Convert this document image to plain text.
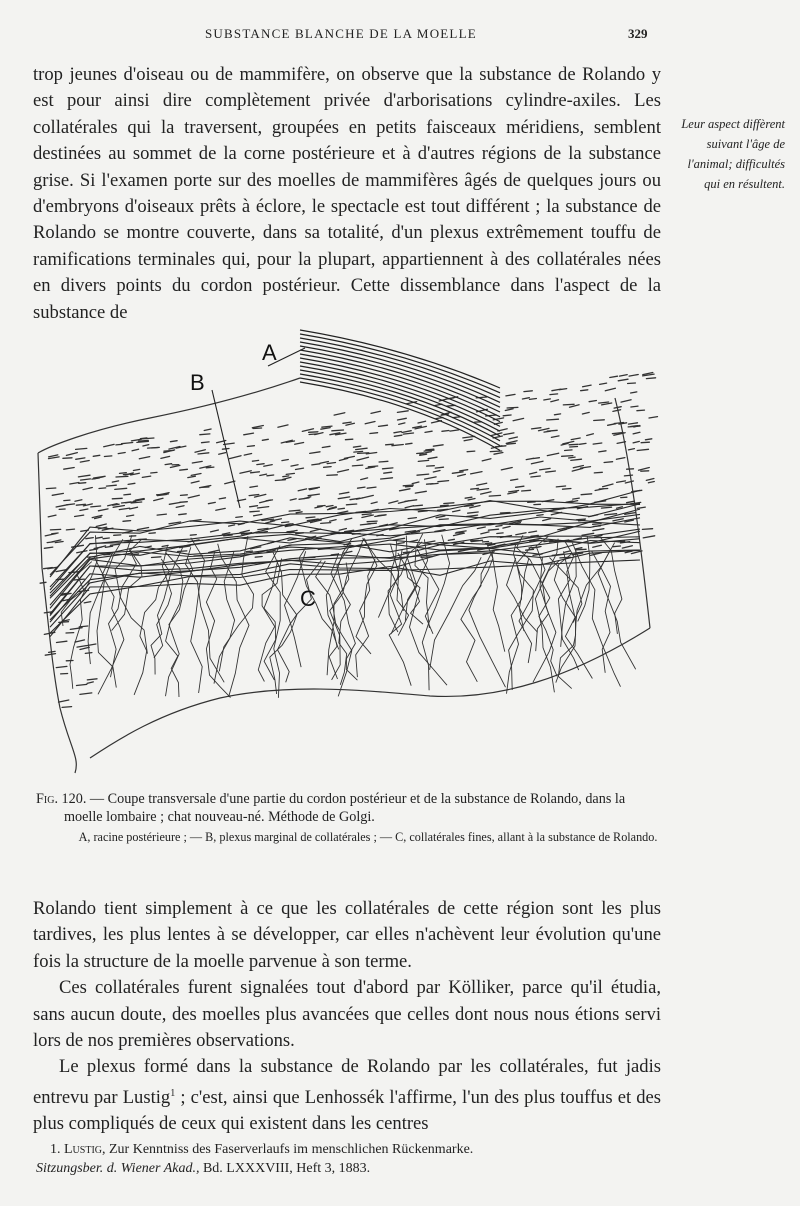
SUBSTANCE BLANCHE DE LA MOELLE	329

trop jeunes d'oiseau ou de mammifère, on observe que la substance de Rolando y est pour ainsi dire complètement privée d'arborisations cylindre-axiles. Les collatérales qui la traversent, groupées en petits faisceaux méridiens, semblent destinées au sommet de la corne postérieure et à d'autres régions de la substance grise. Si l'examen porte sur des moelles de mammifères âgés de quelques jours ou d'embryons d'oiseaux prêts à éclore, le spectacle est tout différent ; la substance de Rolando se montre couverte, dans sa totalité, d'un plexus extrêmement touffu de ramifications terminales qui, pour la plupart, appartiennent à des collatérales nées en divers points du cordon postérieur. Cette dissemblance dans l'aspect de la substance de

Leur aspect diffèrent suivant l'âge de l'animal; difficultés qui en résultent.
A
B
C

Fig. 120. — Coupe transversale d'une partie du cordon postérieur et de la substance de Rolando, dans la moelle lombaire ; chat nouveau-né. Méthode de Golgi.

A, racine postérieure ; — B, plexus marginal de collatérales ; — C, collatérales fines, allant à la substance de Rolando.

Rolando tient simplement à ce que les collatérales de cette région sont les plus tardives, les plus lentes à se développer, car elles n'achèvent leur évolution qu'une fois la structure de la moelle parvenue à son terme.

Ces collatérales furent signalées tout d'abord par Kölliker, parce qu'il étudia, sans aucun doute, des moelles plus avancées que celles dont nous nous étions servi lors de nos premières observations.

Le plexus formé dans la substance de Rolando par les collatérales, fut jadis entrevu par Lustig$^1$ ; c'est, ainsi que Lenhossék l'affirme, l'un des plus touffus et des plus compliqués de ceux qui existent dans les centres

1. Lustig, Zur Kenntniss des Faserverlaufs im menschlichen Rückenmarke.

Sitzungsber. d. Wiener Akad., Bd. LXXXVIII, Heft 3, 1883.
